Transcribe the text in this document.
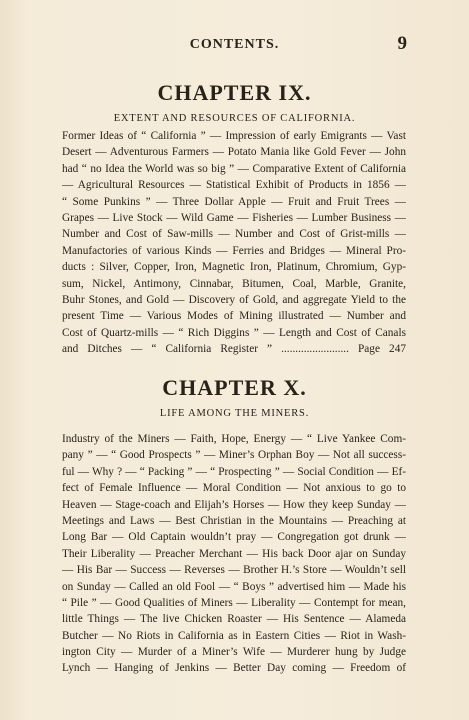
CONTENTS.	9
CHAPTER IX.
EXTENT AND RESOURCES OF CALIFORNIA.
Former Ideas of “ California ” — Impression of early Emigrants — Vast
Desert — Adventurous Farmers — Potato Mania like Gold Fever — John
had “ no Idea the World was so big ” — Comparative Extent of California
— Agricultural Resources — Statistical Exhibit of Products in 1856 —
“ Some Punkins ” — Three Dollar Apple — Fruit and Fruit Trees —
Grapes — Live Stock — Wild Game — Fisheries — Lumber Business —
Number and Cost of Saw-mills — Number and Cost of Grist-mills —
Manufactories of various Kinds — Ferries and Bridges — Mineral Pro-
ducts : Silver, Copper, Iron, Magnetic Iron, Platinum, Chromium, Gyp-
sum, Nickel, Antimony, Cinnabar, Bitumen, Coal, Marble, Granite,
Buhr Stones, and Gold — Discovery of Gold, and aggregate Yield to the
present Time — Various Modes of Mining illustrated — Number and
Cost of Quartz-mills — “ Rich Diggins ” — Length and Cost of Canals
and Ditches — “ California Register ” ........................ Page 247
CHAPTER X.
LIFE AMONG THE MINERS.
Industry of the Miners — Faith, Hope, Energy — “ Live Yankee Com-
pany ” — “ Good Prospects ” — Miner’s Orphan Boy — Not all success-
ful — Why ? — “ Packing ” — “ Prospecting ” — Social Condition — Ef-
fect of Female Influence — Moral Condition — Not anxious to go to
Heaven — Stage-coach and Elijah’s Horses — How they keep Sunday —
Meetings and Laws — Best Christian in the Mountains — Preaching at
Long Bar — Old Captain wouldn’t pray — Congregation got drunk —
Their Liberality — Preacher Merchant — His back Door ajar on Sunday
— His Bar — Success — Reverses — Brother H.’s Store — Wouldn’t sell
on Sunday — Called an old Fool — “ Boys ” advertised him — Made his
“ Pile ” — Good Qualities of Miners — Liberality — Contempt for mean,
little Things — The live Chicken Roaster — His Sentence — Alameda
Butcher — No Riots in California as in Eastern Cities — Riot in Wash-
ington City — Murder of a Miner’s Wife — Murderer hung by Judge
Lynch — Hanging of Jenkins — Better Day coming — Freedom of
